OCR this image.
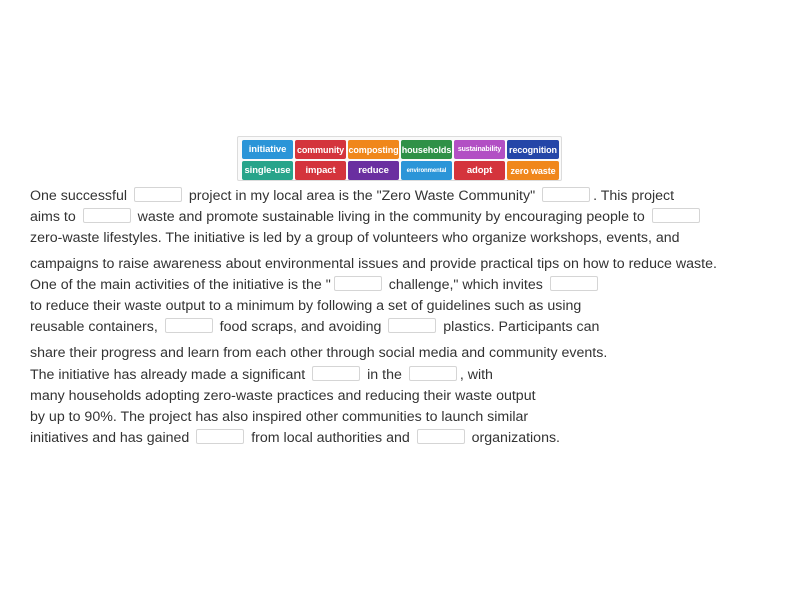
initiative	community composting households sustainability recognition
single-use	impact	reduce	environmental	adopt	zero waste
One successful	project in my local area is the "Zero Waste Community"	. This project
aims to	waste and promote sustainable living in the community by encouraging people to
zero-waste lifestyles. The initiative is led by a group of volunteers who organize workshops, events, and
campaigns to raise awareness about environmental issues and provide practical tips on how to reduce waste.
One of the main activities of the initiative is the "	challenge," which invites
to reduce their waste output to a minimum by following a set of guidelines such as using
reusable containers,	food scraps, and avoiding	plastics. Participants can
share their progress and learn from each other through social media and community events.
The initiative has already made a significant	in the	, with
many households adopting zero-waste practices and reducing their waste output
by up to 90%. The project has also inspired other communities to launch similar
initiatives and has gained	from local authorities and	organizations.
